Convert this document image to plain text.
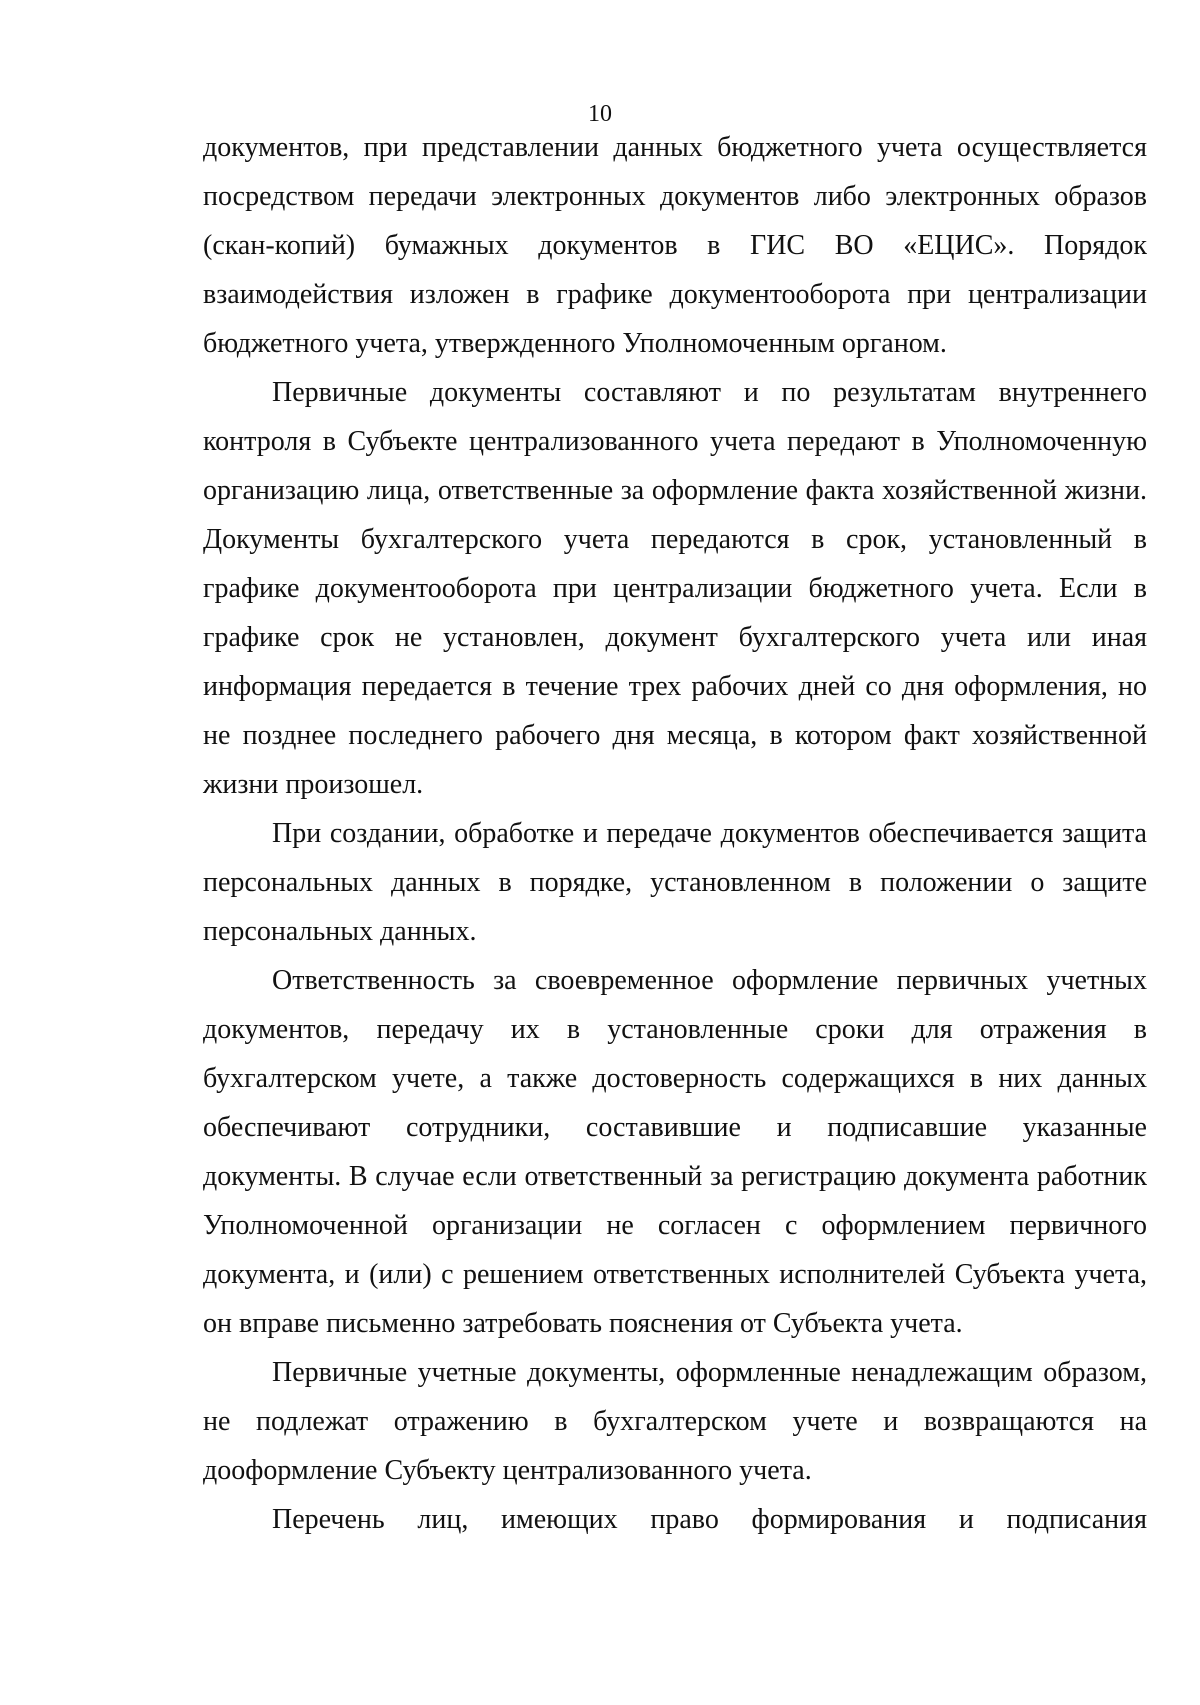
10

документов, при представлении данных бюджетного учета осуществляется посредством передачи электронных документов либо электронных образов (скан-копий) бумажных документов в ГИС ВО «ЕЦИС». Порядок взаимодействия изложен в графике документооборота при централизации бюджетного учета, утвержденного Уполномоченным органом.

Первичные документы составляют и по результатам внутреннего контроля в Субъекте централизованного учета передают в Уполномоченную организацию лица, ответственные за оформление факта хозяйственной жизни. Документы бухгалтерского учета передаются в срок, установленный в графике документооборота при централизации бюджетного учета. Если в графике срок не установлен, документ бухгалтерского учета или иная информация передается в течение трех рабочих дней со дня оформления, но не позднее последнего рабочего дня месяца, в котором факт хозяйственной жизни произошел.

При создании, обработке и передаче документов обеспечивается защита персональных данных в порядке, установленном в положении о защите персональных данных.

Ответственность за своевременное оформление первичных учетных документов, передачу их в установленные сроки для отражения в бухгалтерском учете, а также достоверность содержащихся в них данных обеспечивают сотрудники, составившие и подписавшие указанные документы. В случае если ответственный за регистрацию документа работник Уполномоченной организации не согласен с оформлением первичного документа, и (или) с решением ответственных исполнителей Субъекта учета, он вправе письменно затребовать пояснения от Субъекта учета.

Первичные учетные документы, оформленные ненадлежащим образом, не подлежат отражению в бухгалтерском учете и возвращаются на дооформление Субъекту централизованного учета.

Перечень лиц, имеющих право формирования и подписания
